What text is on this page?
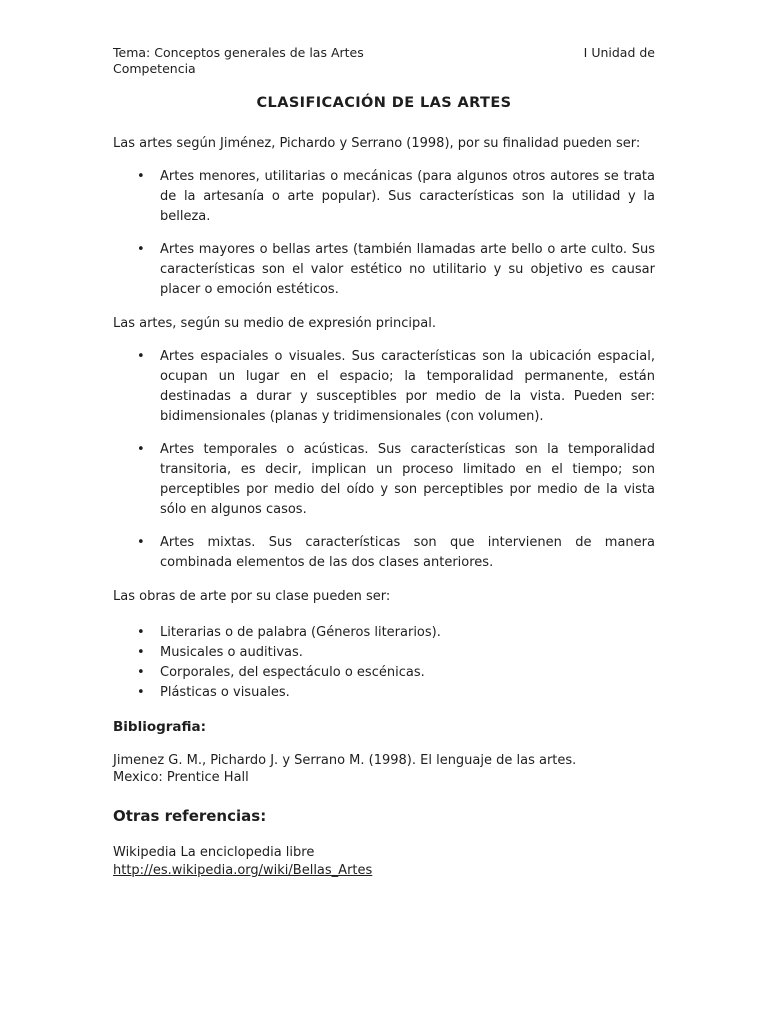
Tema: Conceptos generales de las Artes	I Unidad de
Competencia
CLASIFICACIÓN DE LAS ARTES
Las artes según Jiménez, Pichardo y Serrano (1998), por su finalidad pueden ser:
• Artes menores, utilitarias o mecánicas (para algunos otros autores se trata de la artesanía o arte popular). Sus características son la utilidad y la belleza.
• Artes mayores o bellas artes (también llamadas arte bello o arte culto. Sus características son el valor estético no utilitario y su objetivo es causar placer o emoción estéticos.
Las artes, según su medio de expresión principal.
• Artes espaciales o visuales. Sus características son la ubicación espacial, ocupan un lugar en el espacio; la temporalidad permanente, están destinadas a durar y susceptibles por medio de la vista. Pueden ser: bidimensionales (planas y tridimensionales (con volumen).
• Artes temporales o acústicas. Sus características son la temporalidad transitoria, es decir, implican un proceso limitado en el tiempo; son perceptibles por medio del oído y son perceptibles por medio de la vista sólo en algunos casos.
• Artes mixtas. Sus características son que intervienen de manera combinada elementos de las dos clases anteriores.
Las obras de arte por su clase pueden ser:
• Literarias o de palabra (Géneros literarios).
• Musicales o auditivas.
• Corporales, del espectáculo o escénicas.
• Plásticas o visuales.
Bibliografia:
Jimenez G. M., Pichardo J. y Serrano M. (1998). El lenguaje de las artes.
Mexico: Prentice Hall
Otras referencias:
Wikipedia La enciclopedia libre
http://es.wikipedia.org/wiki/Bellas_Artes
